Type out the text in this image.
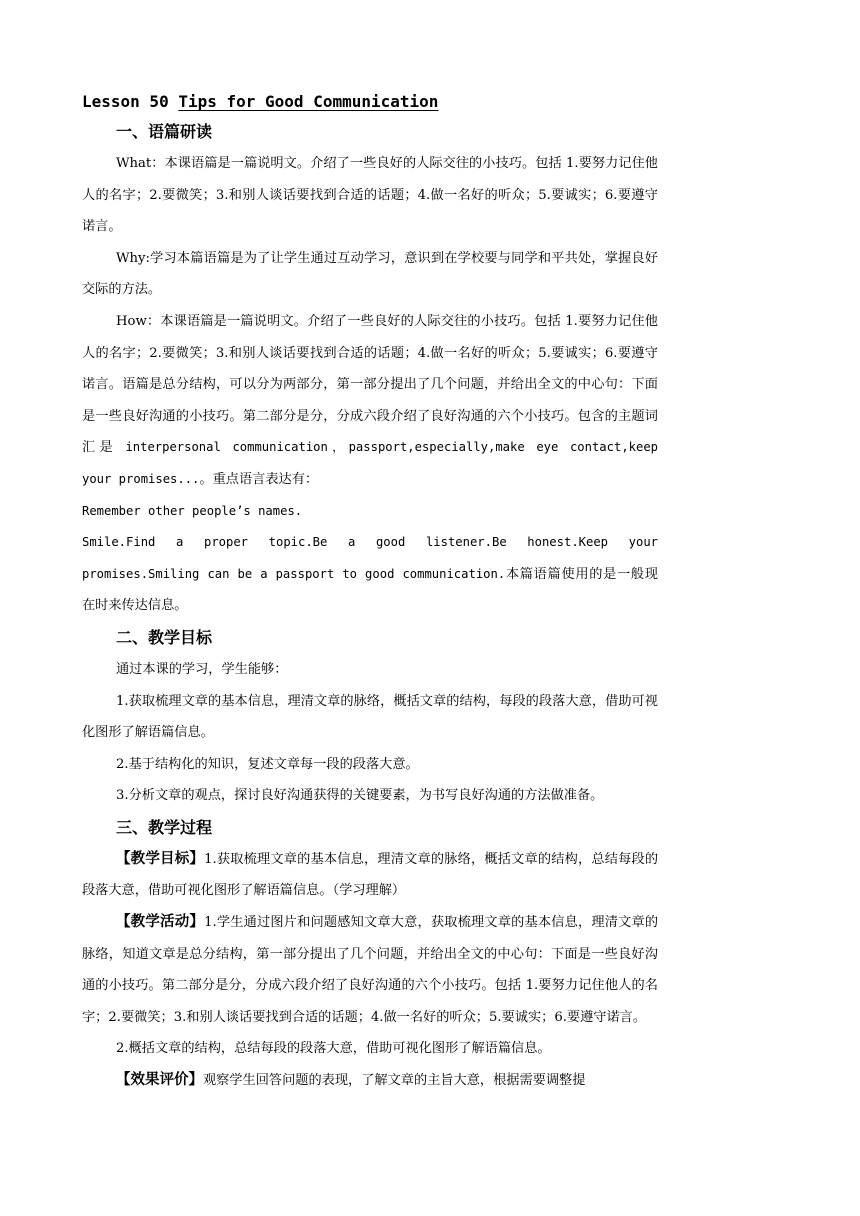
Lesson 50 Tips for Good Communication

一、语篇研读

What：本课语篇是一篇说明文。介绍了一些良好的人际交往的小技巧。包括 1.要努力记住他人的名字；2.要微笑；3.和别人谈话要找到合适的话题；4.做一名好的听众；5.要诚实；6.要遵守诺言。

Why:学习本篇语篇是为了让学生通过互动学习，意识到在学校要与同学和平共处，掌握良好交际的方法。

How：本课语篇是一篇说明文。介绍了一些良好的人际交往的小技巧。包括 1.要努力记住他人的名字；2.要微笑；3.和别人谈话要找到合适的话题；4.做一名好的听众；5.要诚实；6.要遵守诺言。语篇是总分结构，可以分为两部分，第一部分提出了几个问题，并给出全文的中心句：下面是一些良好沟通的小技巧。第二部分是分，分成六段介绍了良好沟通的六个小技巧。包含的主题词汇是 interpersonal communication，passport,especially,make eye contact,keep your promises...。重点语言表达有：

Remember other people’s names.

Smile.Find a proper topic.Be a good listener.Be honest.Keep your promises.Smiling can be a passport to good communication.本篇语篇使用的是一般现在时来传达信息。

二、教学目标

通过本课的学习，学生能够：

1.获取梳理文章的基本信息，理清文章的脉络，概括文章的结构，每段的段落大意，借助可视化图形了解语篇信息。

2.基于结构化的知识，复述文章每一段的段落大意。

3.分析文章的观点，探讨良好沟通获得的关键要素，为书写良好沟通的方法做准备。

三、教学过程

【教学目标】1.获取梳理文章的基本信息，理清文章的脉络，概括文章的结构，总结每段的段落大意，借助可视化图形了解语篇信息。（学习理解）

【教学活动】1.学生通过图片和问题感知文章大意，获取梳理文章的基本信息，理清文章的脉络，知道文章是总分结构，第一部分提出了几个问题，并给出全文的中心句：下面是一些良好沟通的小技巧。第二部分是分，分成六段介绍了良好沟通的六个小技巧。包括 1.要努力记住他人的名字；2.要微笑；3.和别人谈话要找到合适的话题；4.做一名好的听众；5.要诚实；6.要遵守诺言。

2.概括文章的结构，总结每段的段落大意，借助可视化图形了解语篇信息。

【效果评价】观察学生回答问题的表现，了解文章的主旨大意，根据需要调整提
